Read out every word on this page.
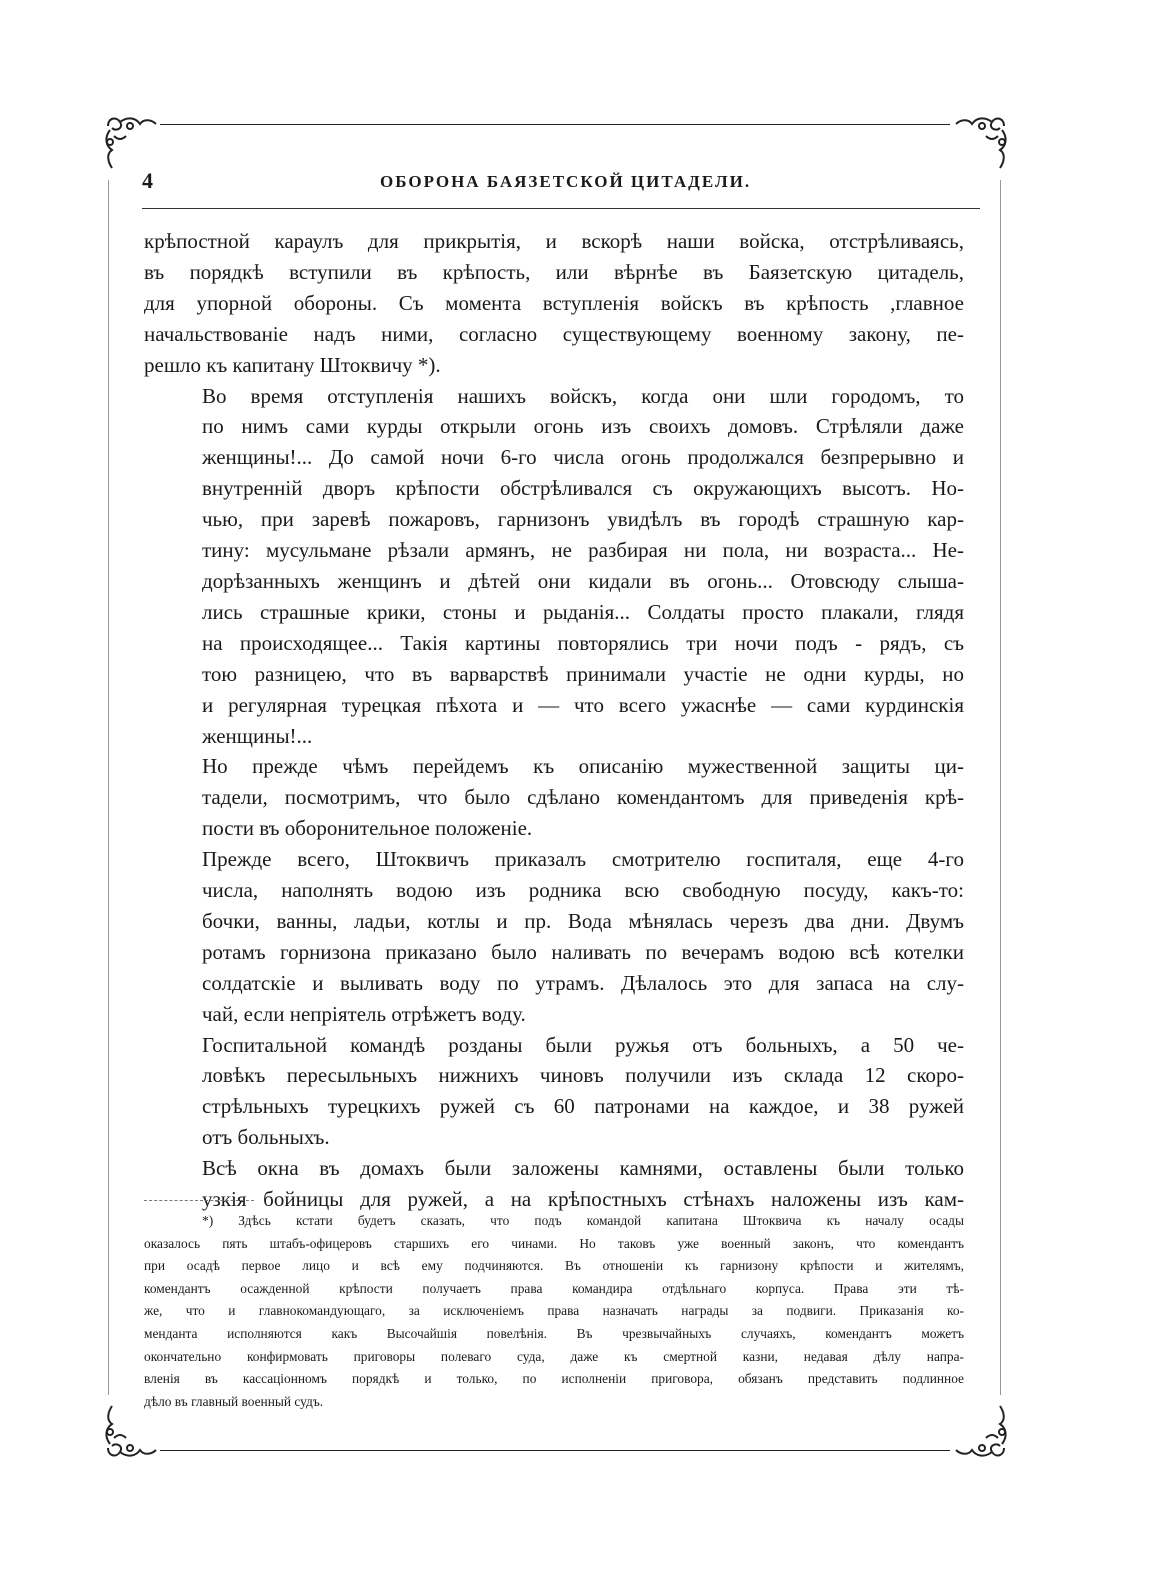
4	ОБОРОНА БАЯЗЕТСКОЙ ЦИТАДЕЛИ.

крѣпостной караулъ для прикрытія, и вскорѣ наши войска, отстрѣливаясь,
въ порядкѣ вступили въ крѣпость, или вѣрнѣе въ Баязетскую цитадель,
для упорной обороны. Съ момента вступленія войскъ въ крѣпость ,главное
начальствованіе надъ ними, согласно существующему военному закону, пе-
решло къ капитану Штоквичу *).

Во время отступленія нашихъ войскъ, когда они шли городомъ, то
по нимъ сами курды открыли огонь изъ своихъ домовъ. Стрѣляли даже
женщины!... До самой ночи 6-го числа огонь продолжался безпрерывно и
внутренній дворъ крѣпости обстрѣливался съ окружающихъ высотъ. Но-
чью, при заревѣ пожаровъ, гарнизонъ увидѣлъ въ городѣ страшную кар-
тину: мусульмане рѣзали армянъ, не разбирая ни пола, ни возраста... Не-
дорѣзанныхъ женщинъ и дѣтей они кидали въ огонь... Отовсюду слыша-
лись страшные крики, стоны и рыданія... Солдаты просто плакали, глядя
на происходящее... Такія картины повторялись три ночи подъ - рядъ, съ
тою разницею, что въ варварствѣ принимали участіе не одни курды, но
и регулярная турецкая пѣхота и — что всего ужаснѣе — сами курдинскія
женщины!...

Но прежде чѣмъ перейдемъ къ описанію мужественной защиты ци-
тадели, посмотримъ, что было сдѣлано комендантомъ для приведенія крѣ-
пости въ оборонительное положеніе.

Прежде всего, Штоквичъ приказалъ смотрителю госпиталя, еще 4-го
числа, наполнять водою изъ родника всю свободную посуду, какъ-то:
бочки, ванны, ладьи, котлы и пр. Вода мѣнялась черезъ два дни. Двумъ
ротамъ горнизона приказано было наливать по вечерамъ водою всѣ котелки
солдатскіе и выливать воду по утрамъ. Дѣлалось это для запаса на слу-
чай, если непріятель отрѣжетъ воду.

Госпитальной командѣ розданы были ружья отъ больныхъ, а 50 че-
ловѣкъ пересыльныхъ нижнихъ чиновъ получили изъ склада 12 скоро-
стрѣльныхъ турецкихъ ружей съ 60 патронами на каждое, и 38 ружей
отъ больныхъ.

Всѣ окна въ домахъ были заложены камнями, оставлены были только
узкія бойницы для ружей, а на крѣпостныхъ стѣнахъ наложены изъ кам-

*) Здѣсь кстати будетъ сказать, что подъ командой капитана Штоквича къ началу осады
оказалось пять штабъ-офицеровъ старшихъ его чинами. Но таковъ уже военный законъ, что комендантъ
при осадѣ первое лицо и всѣ ему подчиняются. Въ отношеніи къ гарнизону крѣпости и жителямъ,
комендантъ осажденной крѣпости получаетъ права командира отдѣльнаго корпуса. Права эти тѣ-
же, что и главнокомандующаго, за исключеніемъ права назначать награды за подвиги. Приказанія ко-
менданта исполняются какъ Высочайшія повелѣнія. Въ чрезвычайныхъ случаяхъ, комендантъ можетъ
окончательно конфирмовать приговоры полеваго суда, даже къ смертной казни, недавая дѣлу напра-
вленія въ кассаціонномъ порядкѣ и только, по исполненіи приговора, обязанъ представить подлинное
дѣло въ главный военный судъ.
